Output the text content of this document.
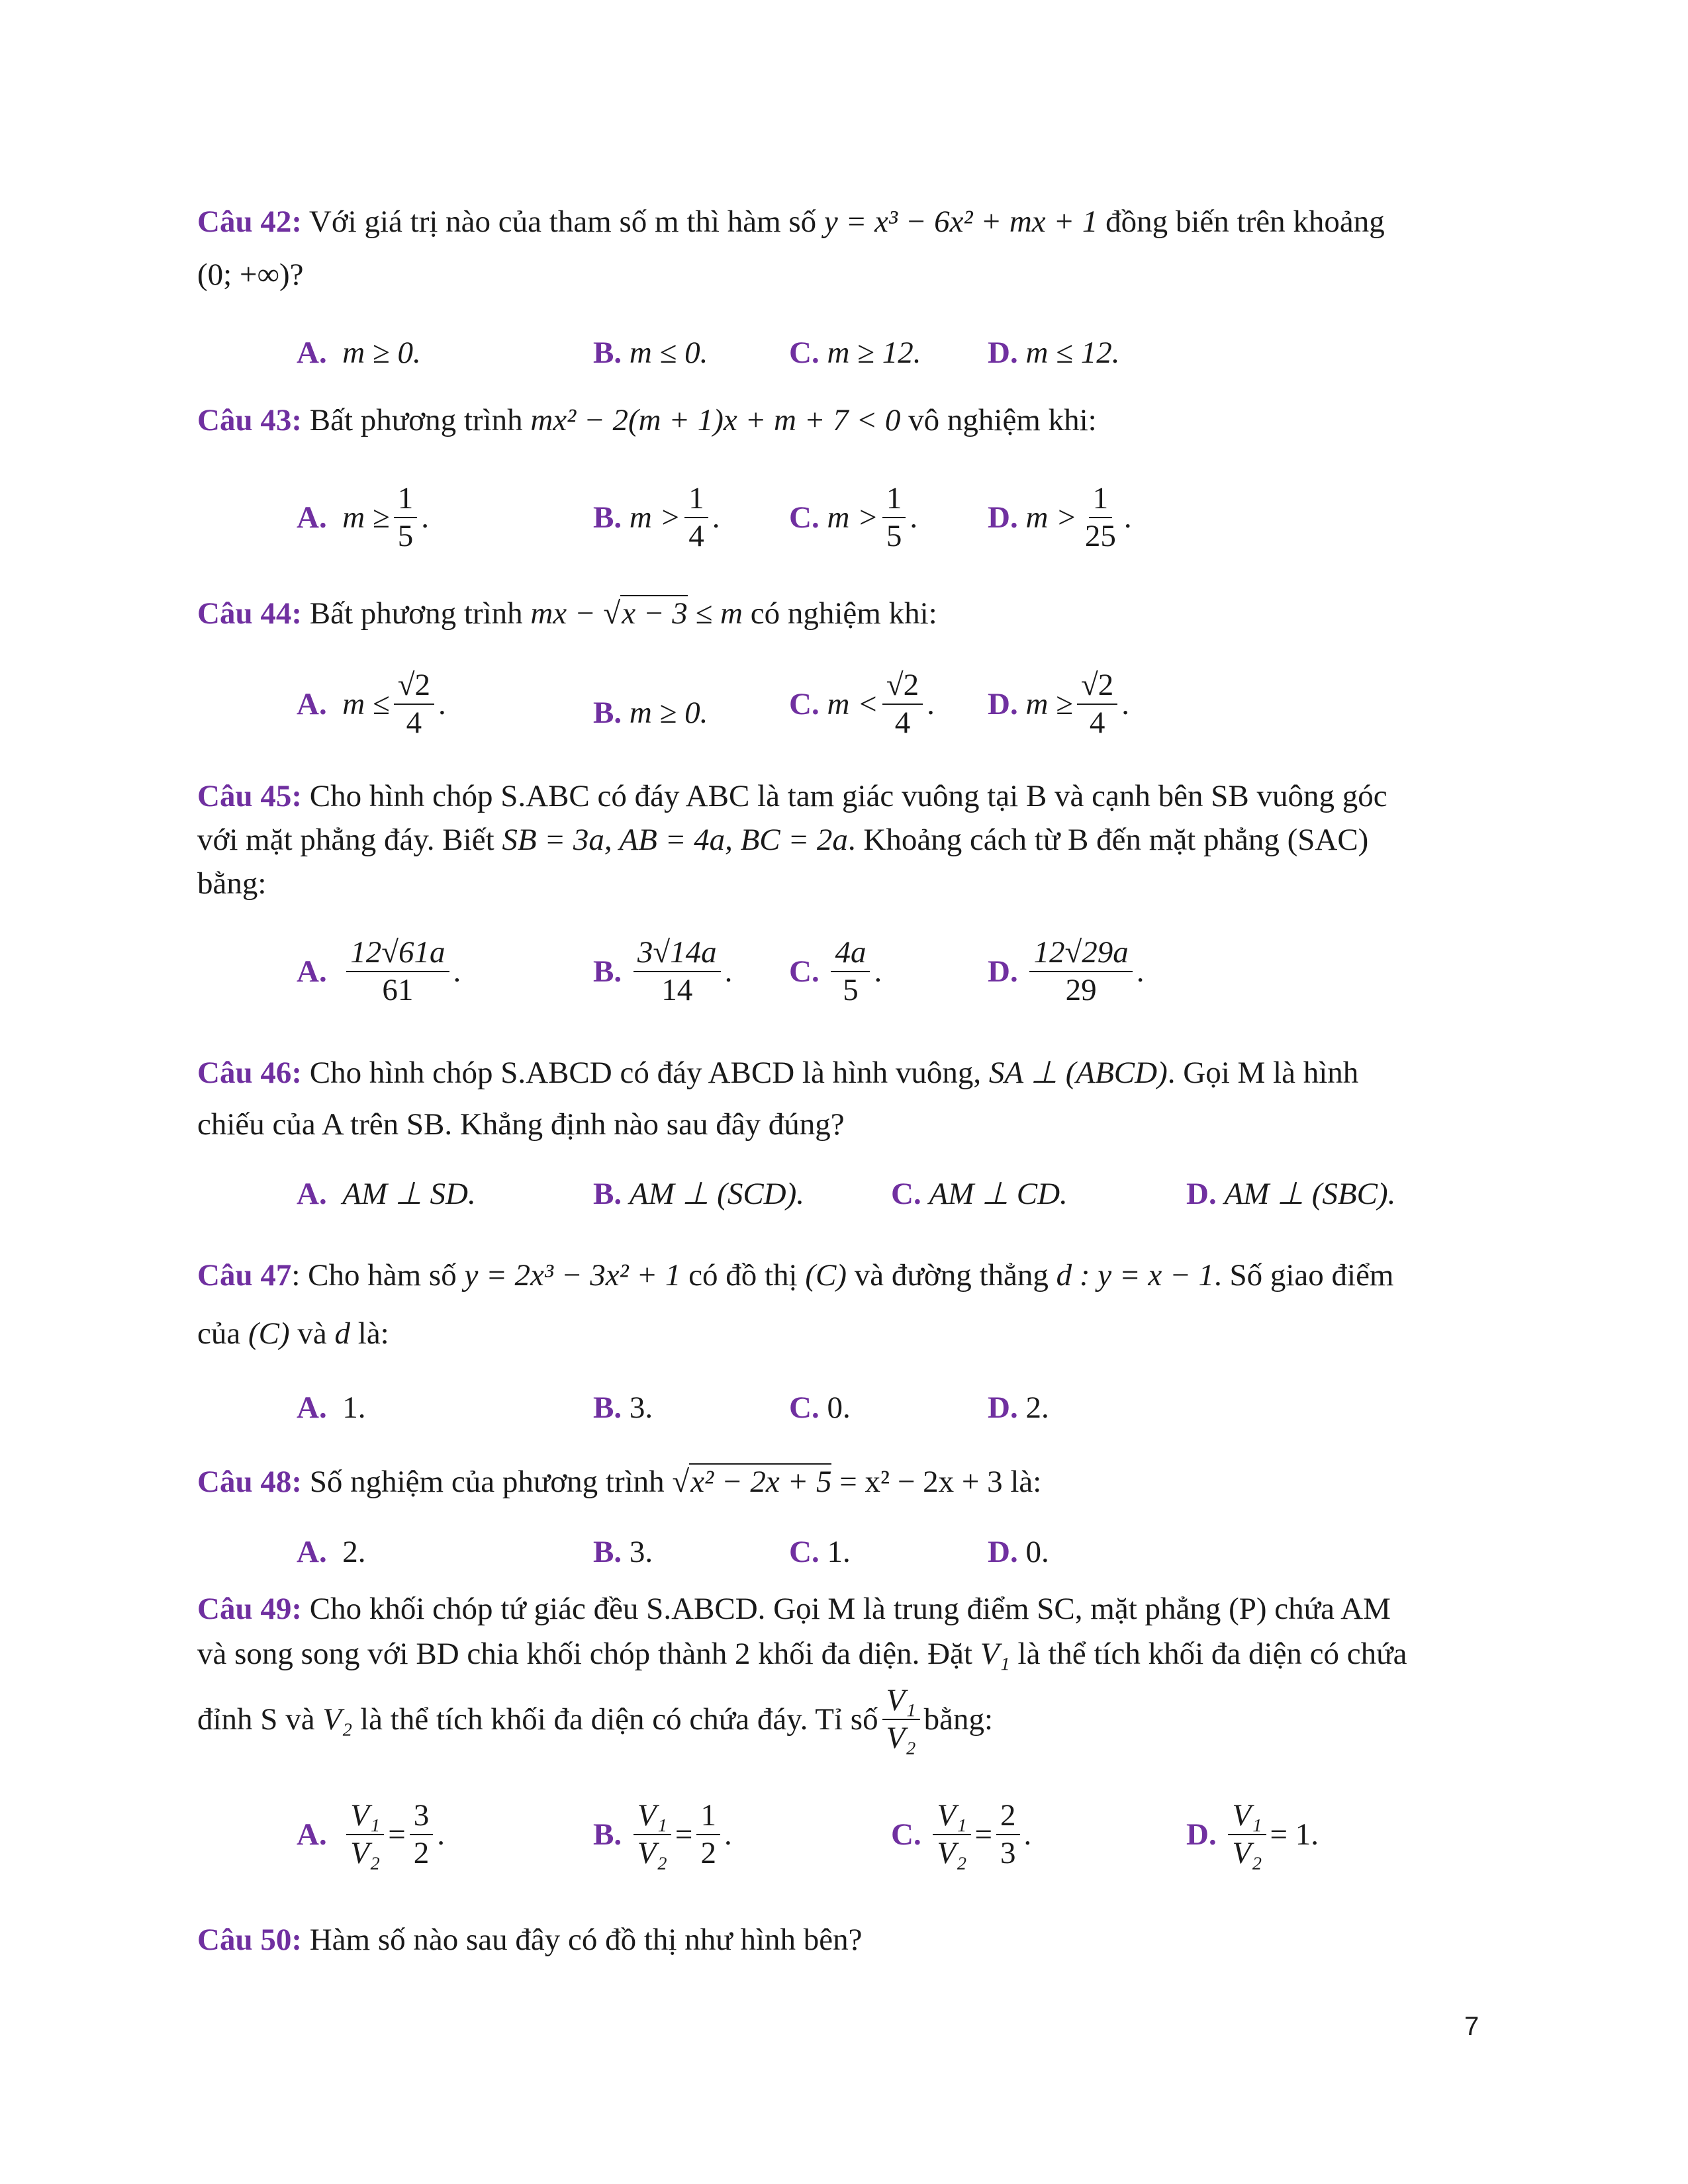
Câu 42: Với giá trị nào của tham số m thì hàm số y = x³ − 6x² + mx + 1 đồng biến trên khoảng
(0; +∞)?
A.
m ≥ 0.	B.
m ≤ 0.	C.
m ≥ 12. D.
m ≤ 12.
Câu 43: Bất phương trình mx² − 2(m + 1)x + m + 7 < 0 vô nghiệm khi:
A.
$m \ge \frac{1}{5}$ .	B.
$m > \frac{1}{4}$ . C.
$m > \frac{1}{5}$ . D.
$m > \frac{1}{25}$ .
Câu 44: Bất phương trình mx − √x − 3 ≤ m có nghiệm khi:
A.
$m \le \frac{√2}{4}$ .	B.
m ≥ 0.	C.
$m < \frac{√2}{4}$ . D.
$m \ge \frac{√2}{4}$ .
Câu 45: Cho hình chóp S.ABC có đáy ABC là tam giác vuông tại B và cạnh bên SB vuông góc
với mặt phẳng đáy. Biết SB = 3a, AB = 4a, BC = 2a. Khoảng cách từ B đến mặt phẳng (SAC)
bằng:
A.
$\frac{12√61a}{61}$ .	B.
$\frac{3√14a}{14}$ . C.
$\frac{4a}{5}$ .	D.
$\frac{12√29a}{29}$ .
Câu 46: Cho hình chóp S.ABCD có đáy ABCD là hình vuông, SA ⊥ (ABCD). Gọi M là hình
chiếu của A trên SB. Khẳng định nào sau đây đúng?
A.
AM ⊥ SD.	B.
AM ⊥ (SCD).	C.
AM ⊥ CD.	D.
AM ⊥ (SBC).
Câu 47: Cho hàm số y = 2x³ − 3x² + 1 có đồ thị (C) và đường thẳng d : y = x − 1. Số giao điểm
của (C) và d là:
A.
1.	B.
3.	C.
0.	D.
2.
Câu 48: Số nghiệm của phương trình √x² − 2x + 5 = x² − 2x + 3 là:
A.
2.	B.
3.	C.
1.	D.
0.
Câu 49: Cho khối chóp tứ giác đều S.ABCD. Gọi M là trung điểm SC, mặt phẳng (P) chứa AM
và song song với BD chia khối chóp thành 2 khối đa diện. Đặt V₁ là thể tích khối đa diện có chứa
đỉnh S và
V₂
là thể tích khối đa diện có chứa đáy. Tỉ số $\frac{\text{V₁}}{\text{V₂}}$ bằng:
A.
$\frac{\text{V₁}}{\text{V₂}} = \frac{3}{2}$ .	B.
$\frac{\text{V₁}}{\text{V₂}} = \frac{1}{2}$ .	C.
$\frac{\text{V₁}}{\text{V₂}} = \frac{2}{3}$ .	D.
$\frac{\text{V₁}}{\text{V₂}} = 1$.
Câu 50: Hàm số nào sau đây có đồ thị như hình bên?
7
